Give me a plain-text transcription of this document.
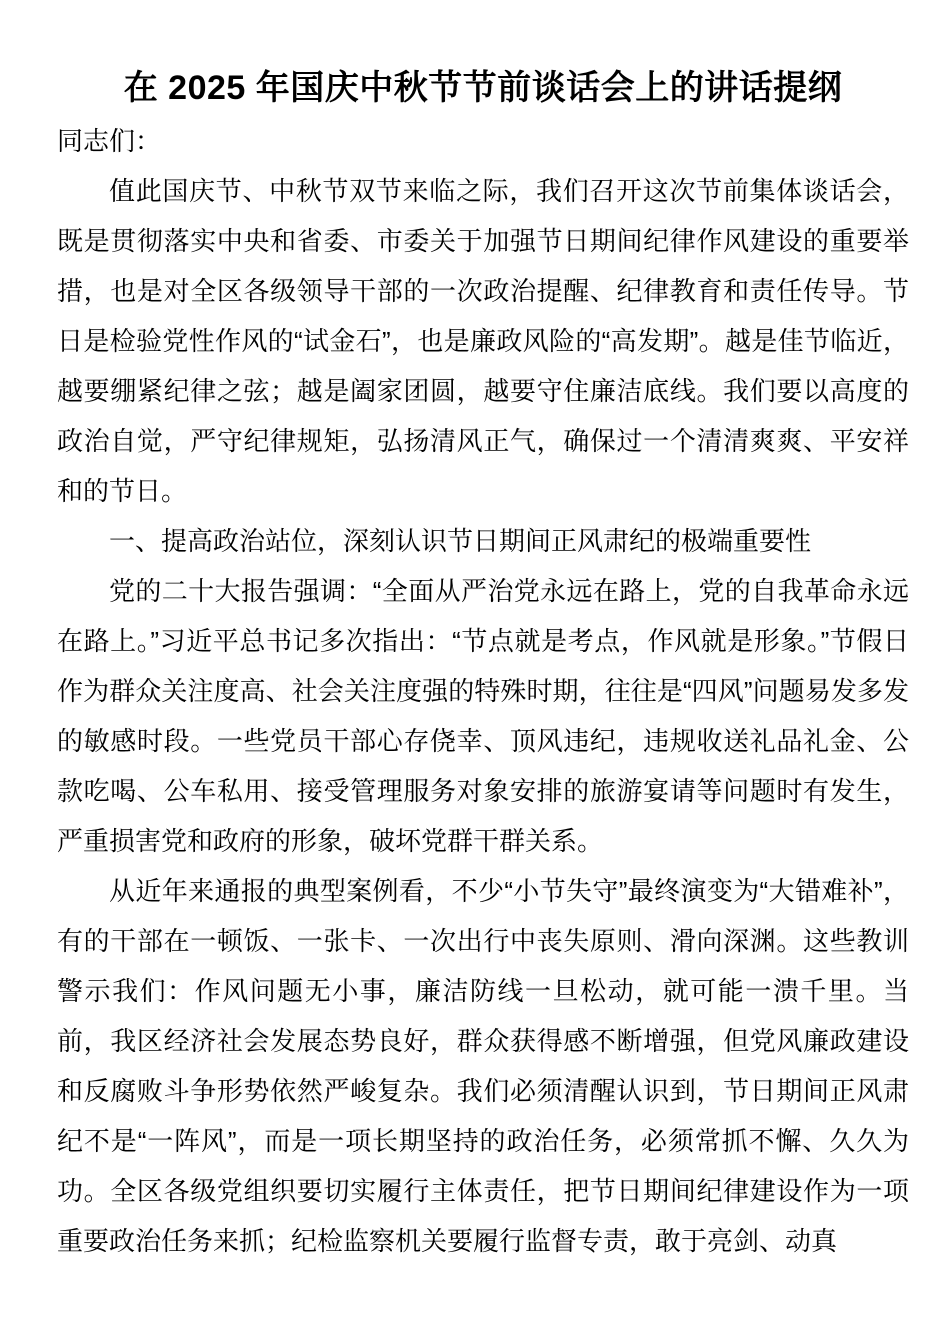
在 2025 年国庆中秋节节前谈话会上的讲话提纲

同志们：

值此国庆节、中秋节双节来临之际，我们召开这次节前集体谈话会，既是贯彻落实中央和省委、市委关于加强节日期间纪律作风建设的重要举措，也是对全区各级领导干部的一次政治提醒、纪律教育和责任传导。节日是检验党性作风的“试金石”，也是廉政风险的“高发期”。越是佳节临近，越要绷紧纪律之弦；越是阖家团圆，越要守住廉洁底线。我们要以高度的政治自觉，严守纪律规矩，弘扬清风正气，确保过一个清清爽爽、平安祥和的节日。

一、提高政治站位，深刻认识节日期间正风肃纪的极端重要性

党的二十大报告强调：“全面从严治党永远在路上，党的自我革命永远在路上。”习近平总书记多次指出：“节点就是考点，作风就是形象。”节假日作为群众关注度高、社会关注度强的特殊时期，往往是“四风”问题易发多发的敏感时段。一些党员干部心存侥幸、顶风违纪，违规收送礼品礼金、公款吃喝、公车私用、接受管理服务对象安排的旅游宴请等问题时有发生，严重损害党和政府的形象，破坏党群干群关系。

从近年来通报的典型案例看，不少“小节失守”最终演变为“大错难补”，有的干部在一顿饭、一张卡、一次出行中丧失原则、滑向深渊。这些教训警示我们：作风问题无小事，廉洁防线一旦松动，就可能一溃千里。当前，我区经济社会发展态势良好，群众获得感不断增强，但党风廉政建设和反腐败斗争形势依然严峻复杂。我们必须清醒认识到，节日期间正风肃纪不是“一阵风”，而是一项长期坚持的政治任务，必须常抓不懈、久久为功。全区各级党组织要切实履行主体责任，把节日期间纪律建设作为一项重要政治任务来抓；纪检监察机关要履行监督专责，敢于亮剑、动真
